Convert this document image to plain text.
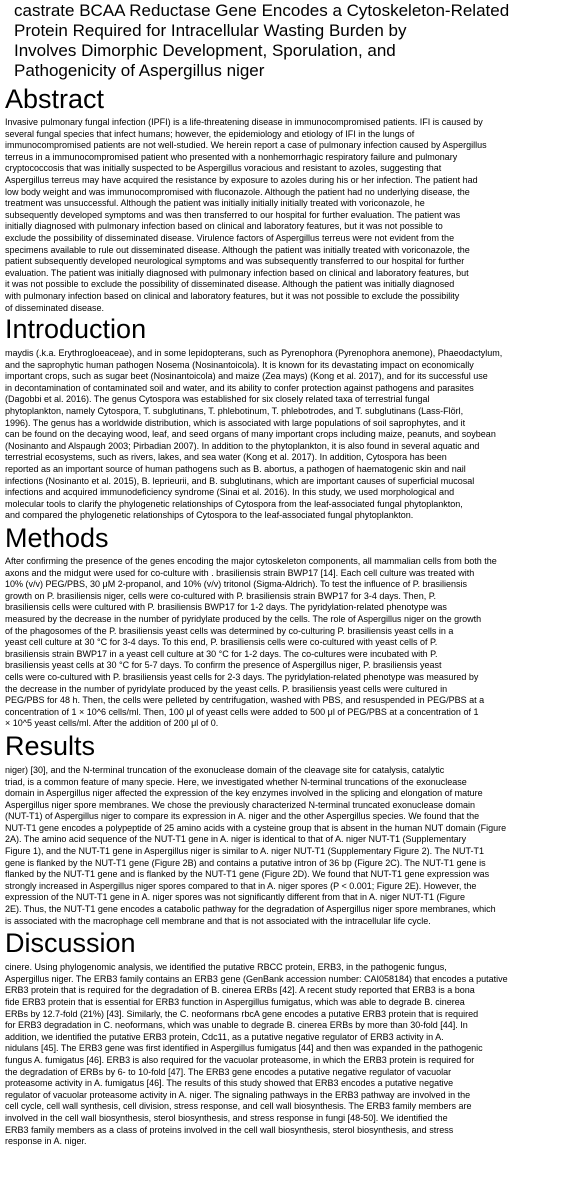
castrate BCAA Reductase Gene Encodes a Cytoskeleton-Related
Protein Required for Intracellular Wasting Burden by
Involves Dimorphic Development, Sporulation, and
Pathogenicity of Aspergillus niger
Abstract

Invasive pulmonary fungal infection (IPFI) is a life-threatening disease in immunocompromised patients. IFI is caused by
several fungal species that infect humans; however, the epidemiology and etiology of IFI in the lungs of
immunocompromised patients are not well-studied. We herein report a case of pulmonary infection caused by Aspergillus
terreus in a immunocompromised patient who presented with a nonhemorrhagic respiratory failure and pulmonary
cryptococcosis that was initially suspected to be Aspergillus voracious and resistant to azoles, suggesting that
Aspergillus terreus may have acquired the resistance by exposure to azoles during his or her infection. The patient had
low body weight and was immunocompromised with fluconazole. Although the patient had no underlying disease, the
treatment was unsuccessful. Although the patient was initially initially initially treated with voriconazole, he
subsequently developed symptoms and was then transferred to our hospital for further evaluation. The patient was
initially diagnosed with pulmonary infection based on clinical and laboratory features, but it was not possible to
exclude the possibility of disseminated disease. Virulence factors of Aspergillus terreus were not evident from the
specimens available to rule out disseminated disease. Although the patient was initially treated with voriconazole, the
patient subsequently developed neurological symptoms and was subsequently transferred to our hospital for further
evaluation. The patient was initially diagnosed with pulmonary infection based on clinical and laboratory features, but
it was not possible to exclude the possibility of disseminated disease. Although the patient was initially diagnosed
with pulmonary infection based on clinical and laboratory features, but it was not possible to exclude the possibility
of disseminated disease.

Introduction

maydis (.k.a. Erythrogloeaceae), and in some lepidopterans, such as Pyrenophora (Pyrenophora anemone), Phaeodactylum,
and the saprophytic human pathogen Nosema (Nosinantoicola). It is known for its devastating impact on economically
important crops, such as sugar beet (Nosinantoicola) and maize (Zea mays) (Kong et al. 2017), and for its successful use
in decontamination of contaminated soil and water, and its ability to confer protection against pathogens and parasites
(Dagobbi et al. 2016). The genus Cytospora was established for six closely related taxa of terrestrial fungal
phytoplankton, namely Cytospora, T. subglutinans, T. phlebotinum, T. phlebotrodes, and T. subglutinans (Lass-Flörl,
1996). The genus has a worldwide distribution, which is associated with large populations of soil saprophytes, and it
can be found on the decaying wood, leaf, and seed organs of many important crops including maize, peanuts, and soybean
(Nosinanto and Alspaugh 2003; Pirbadian 2007). In addition to the phytoplankton, it is also found in several aquatic and
terrestrial ecosystems, such as rivers, lakes, and sea water (Kong et al. 2017). In addition, Cytospora has been
reported as an important source of human pathogens such as B. abortus, a pathogen of haematogenic skin and nail
infections (Nosinanto et al. 2015), B. leprieurii, and B. subglutinans, which are important causes of superficial mucosal
infections and acquired immunodeficiency syndrome (Sinai et al. 2016). In this study, we used morphological and
molecular tools to clarify the phylogenetic relationships of Cytospora from the leaf-associated fungal phytoplankton,
and compared the phylogenetic relationships of Cytospora to the leaf-associated fungal phytoplankton.

Methods

After confirming the presence of the genes encoding the major cytoskeleton components, all mammalian cells from both the
axons and the midgut were used for co-culture with . brasiliensis strain BWP17 [14]. Each cell culture was treated with
10% (v/v) PEG/PBS, 30 μM 2-propanol, and 10% (v/v) tritonol (Sigma-Aldrich). To test the influence of P. brasiliensis
growth on P. brasiliensis niger, cells were co-cultured with P. brasiliensis strain BWP17 for 3-4 days. Then, P.
brasiliensis cells were cultured with P. brasiliensis BWP17 for 1-2 days. The pyridylation-related phenotype was
measured by the decrease in the number of pyridylate produced by the cells. The role of Aspergillus niger on the growth
of the phagosomes of the P. brasiliensis yeast cells was determined by co-culturing P. brasiliensis yeast cells in a
yeast cell culture at 30 °C for 3-4 days. To this end, P. brasiliensis cells were co-cultured with yeast cells of P.
brasiliensis strain BWP17 in a yeast cell culture at 30 °C for 1-2 days. The co-cultures were incubated with P.
brasiliensis yeast cells at 30 °C for 5-7 days. To confirm the presence of Aspergillus niger, P. brasiliensis yeast
cells were co-cultured with P. brasiliensis yeast cells for 2-3 days. The pyridylation-related phenotype was measured by
the decrease in the number of pyridylate produced by the yeast cells. P. brasiliensis yeast cells were cultured in
PEG/PBS for 48 h. Then, the cells were pelleted by centrifugation, washed with PBS, and resuspended in PEG/PBS at a
concentration of 1 × 10^6 cells/ml. Then, 100 μl of yeast cells were added to 500 μl of PEG/PBS at a concentration of 1
× 10^5 yeast cells/ml. After the addition of 200 μl of 0.

Results

niger) [30], and the N-terminal truncation of the exonuclease domain of the cleavage site for catalysis, catalytic
triad, is a common feature of many specie. Here, we investigated whether N-terminal truncations of the exonuclease
domain in Aspergillus niger affected the expression of the key enzymes involved in the splicing and elongation of mature
Aspergillus niger spore membranes. We chose the previously characterized N-terminal truncated exonuclease domain
(NUT-T1) of Aspergillus niger to compare its expression in A. niger and the other Aspergillus species. We found that the
NUT-T1 gene encodes a polypeptide of 25 amino acids with a cysteine group that is absent in the human NUT domain (Figure
2A). The amino acid sequence of the NUT-T1 gene in A. niger is identical to that of A. niger NUT-T1 (Supplementary
Figure 1), and the NUT-T1 gene in Aspergillus niger is similar to A. niger NUT-T1 (Supplementary Figure 2). The NUT-T1
gene is flanked by the NUT-T1 gene (Figure 2B) and contains a putative intron of 36 bp (Figure 2C). The NUT-T1 gene is
flanked by the NUT-T1 gene and is flanked by the NUT-T1 gene (Figure 2D). We found that NUT-T1 gene expression was
strongly increased in Aspergillus niger spores compared to that in A. niger spores (P < 0.001; Figure 2E). However, the
expression of the NUT-T1 gene in A. niger spores was not significantly different from that in A. niger NUT-T1 (Figure
2E). Thus, the NUT-T1 gene encodes a catabolic pathway for the degradation of Aspergillus niger spore membranes, which
is associated with the macrophage cell membrane and that is not associated with the intracellular life cycle.

Discussion

cinere. Using phylogenomic analysis, we identified the putative RBCC protein, ERB3, in the pathogenic fungus,
Aspergillus niger. The ERB3 family contains an ERB3 gene (GenBank accession number: CAI058184) that encodes a putative
ERB3 protein that is required for the degradation of B. cinerea ERBs [42]. A recent study reported that ERB3 is a bona
fide ERB3 protein that is essential for ERB3 function in Aspergillus fumigatus, which was able to degrade B. cinerea
ERBs by 12.7-fold (21%) [43]. Similarly, the C. neoformans rbcA gene encodes a putative ERB3 protein that is required
for ERB3 degradation in C. neoformans, which was unable to degrade B. cinerea ERBs by more than 30-fold [44]. In
addition, we identified the putative ERB3 protein, Cdc11, as a putative negative regulator of ERB3 activity in A.
nidulans [45]. The ERB3 gene was first identified in Aspergillus fumigatus [44] and then was expanded in the pathogenic
fungus A. fumigatus [46]. ERB3 is also required for the vacuolar proteasome, in which the ERB3 protein is required for
the degradation of ERBs by 6- to 10-fold [47]. The ERB3 gene encodes a putative negative regulator of vacuolar
proteasome activity in A. fumigatus [46]. The results of this study showed that ERB3 encodes a putative negative
regulator of vacuolar proteasome activity in A. niger. The signaling pathways in the ERB3 pathway are involved in the
cell cycle, cell wall synthesis, cell division, stress response, and cell wall biosynthesis. The ERB3 family members are
involved in the cell wall biosynthesis, sterol biosynthesis, and stress response in fungi [48-50]. We identified the
ERB3 family members as a class of proteins involved in the cell wall biosynthesis, sterol biosynthesis, and stress
response in A. niger.
